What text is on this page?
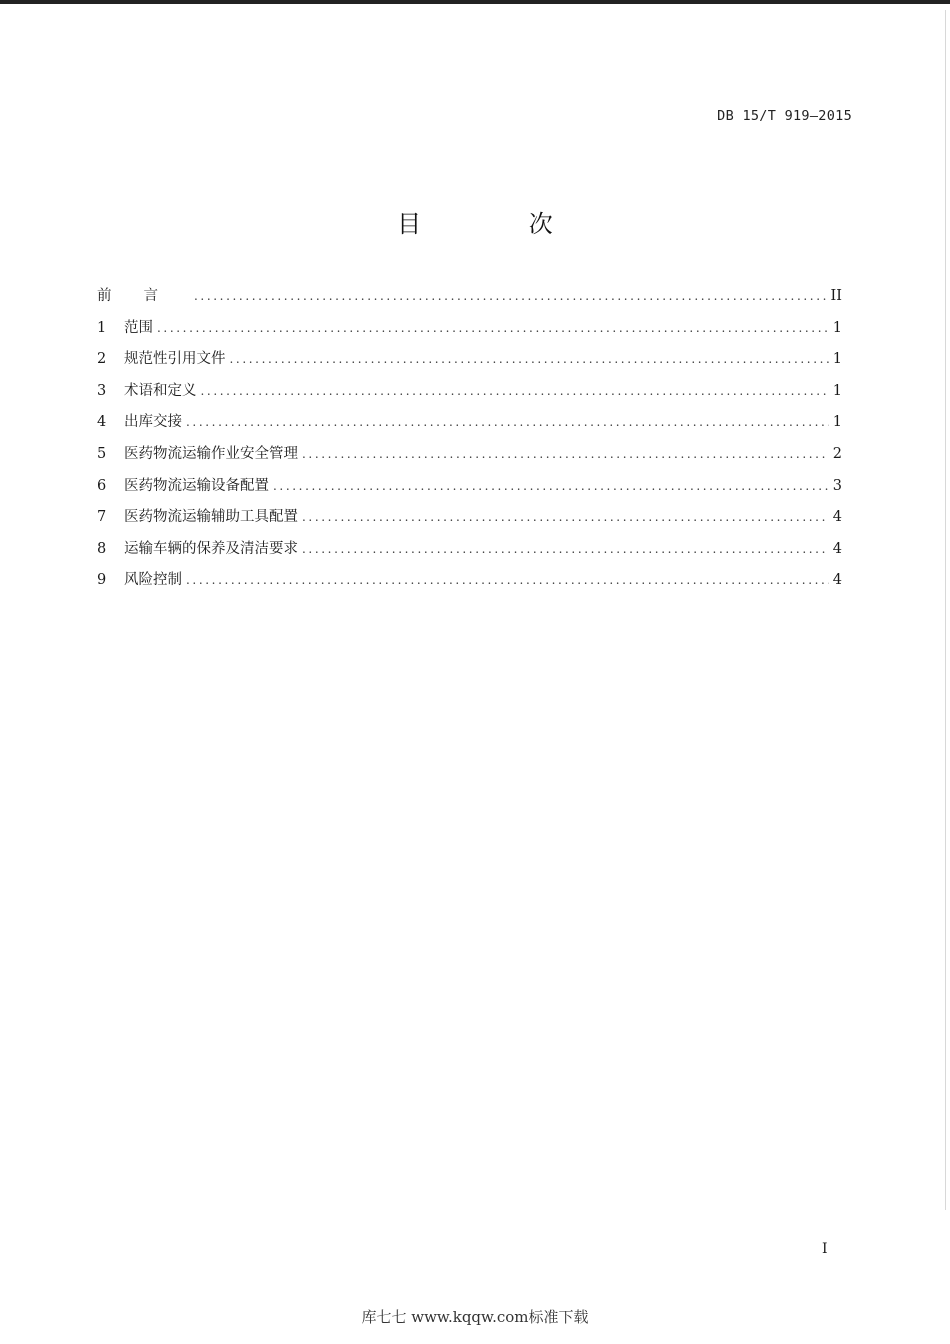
DB 15/T 919—2015
目 次
前言 .....	II
1	范围 .....	1
2	规范性引用文件 .....	1
3	术语和定义 .....	1
4	出库交接 .....	1
5	医药物流运输作业安全管理 .....	2
6	医药物流运输设备配置 .....	3
7	医药物流运输辅助工具配置 .....	4
8	运输车辆的保养及清洁要求 .....	4
9	风险控制 .....	4
I
库七七 www.kqqw.com标准下载
